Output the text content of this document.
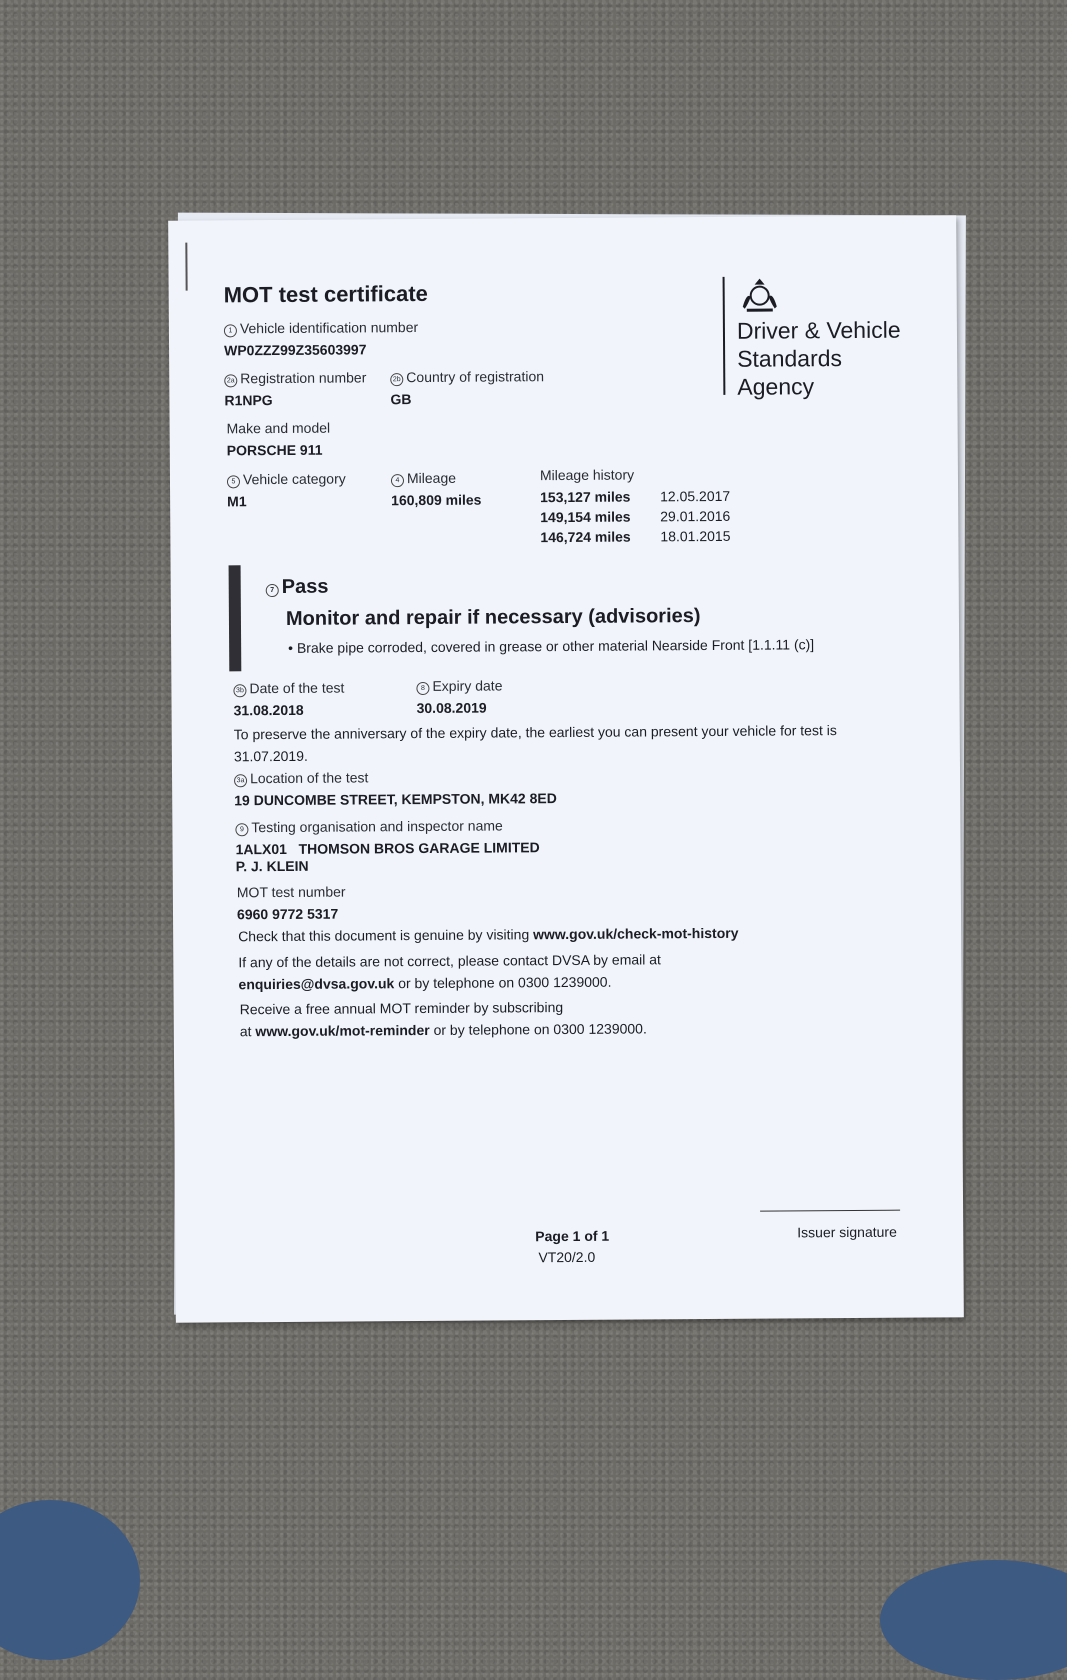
MOT test certificate
Driver & Vehicle
Standards
Agency
1 Vehicle identification number
WP0ZZZ99Z35603997
2a Registration number
R1NPG
2b Country of registration
GB
Make and model
PORSCHE 911
5 Vehicle category
M1
4 Mileage
160,809 miles
Mileage history
153,127 miles 12.05.2017
149,154 miles 29.01.2016
146,724 miles 18.01.2015
7 Pass
Monitor and repair if necessary (advisories)
• Brake pipe corroded, covered in grease or other material Nearside Front [1.1.11 (c)]
3b Date of the test
31.08.2018
8 Expiry date
30.08.2019
To preserve the anniversary of the expiry date, the earliest you can present your vehicle for test is 31.07.2019.
3a Location of the test
19 DUNCOMBE STREET, KEMPSTON, MK42 8ED
9 Testing organisation and inspector name
1ALX01   THOMSON BROS GARAGE LIMITED
P. J. KLEIN
MOT test number
6960 9772 5317
Check that this document is genuine by visiting www.gov.uk/check-mot-history
If any of the details are not correct, please contact DVSA by email at
enquiries@dvsa.gov.uk or by telephone on 0300 1239000.
Receive a free annual MOT reminder by subscribing
at www.gov.uk/mot-reminder or by telephone on 0300 1239000.
Page 1 of 1
VT20/2.0
Issuer signature
